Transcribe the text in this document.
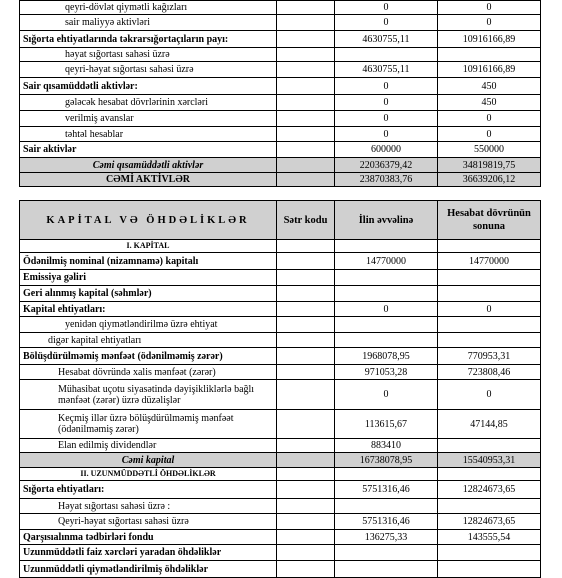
qeyri-dövlət qiymətli kağızları		0	0
sair maliyyə aktivləri		0	0
Sığorta ehtiyatlarında təkrarsığortaçıların payı:		4630755,11	10916166,89
həyat sığortası sahəsi üzrə			
qeyri-həyat sığortası sahəsi üzrə		4630755,11	10916166,89
Sair qısamüddətli aktivlər:		0	450
gələcək hesabat dövrlərinin xərcləri		0	450
verilmiş avanslar		0	0
təhtəl hesablar		0	0
Sair aktivlər		600000	550000
Cəmi qısamüddətli aktivlər		22036379,42	34819819,75
CƏMİ AKTİVLƏR		23870383,76	36639206,12
KAPİTAL VƏ ÖHDƏLİKLƏR	Sətr kodu	İlin əvvəlinə	Hesabat dövrünün sonuna
I. KAPİTAL			
Ödənilmiş nominal (nizamnamə) kapitalı		14770000	14770000
Emissiya gəliri			
Geri alınmış kapital (səhmlər)			
Kapital ehtiyatları:		0	0
yenidən qiymətləndirilmə üzrə ehtiyat			
digər kapital ehtiyatları			
Bölüşdürülməmiş mənfəət (ödənilməmiş zərər)		1968078,95	770953,31
Hesabat dövründə xalis mənfəət (zərər)		971053,28	723808,46
Mühasibat uçotu siyasətində dəyişikliklərlə bağlı mənfəət (zərər) üzrə düzəlişlər		0	0
Keçmiş illər üzrə bölüşdürülməmiş mənfəət (ödənilməmiş zərər)		113615,67	47144,85
Elan edilmiş dividendlər		883410	
Cəmi kapital		16738078,95	15540953,31
II. UZUNMÜDDƏTLİ ÖHDƏLİKLƏR			
Sığorta ehtiyatları:		5751316,46	12824673,65
Həyat sığortası sahəsi üzrə :			
Qeyri-həyat sığortası sahəsi üzrə		5751316,46	12824673,65
Qarşısıalınma tədbirləri fondu		136275,33	143555,54
Uzunmüddətli faiz xərcləri yaradan öhdəliklər			
Uzunmüddətli qiymətləndirilmiş öhdəliklər			
